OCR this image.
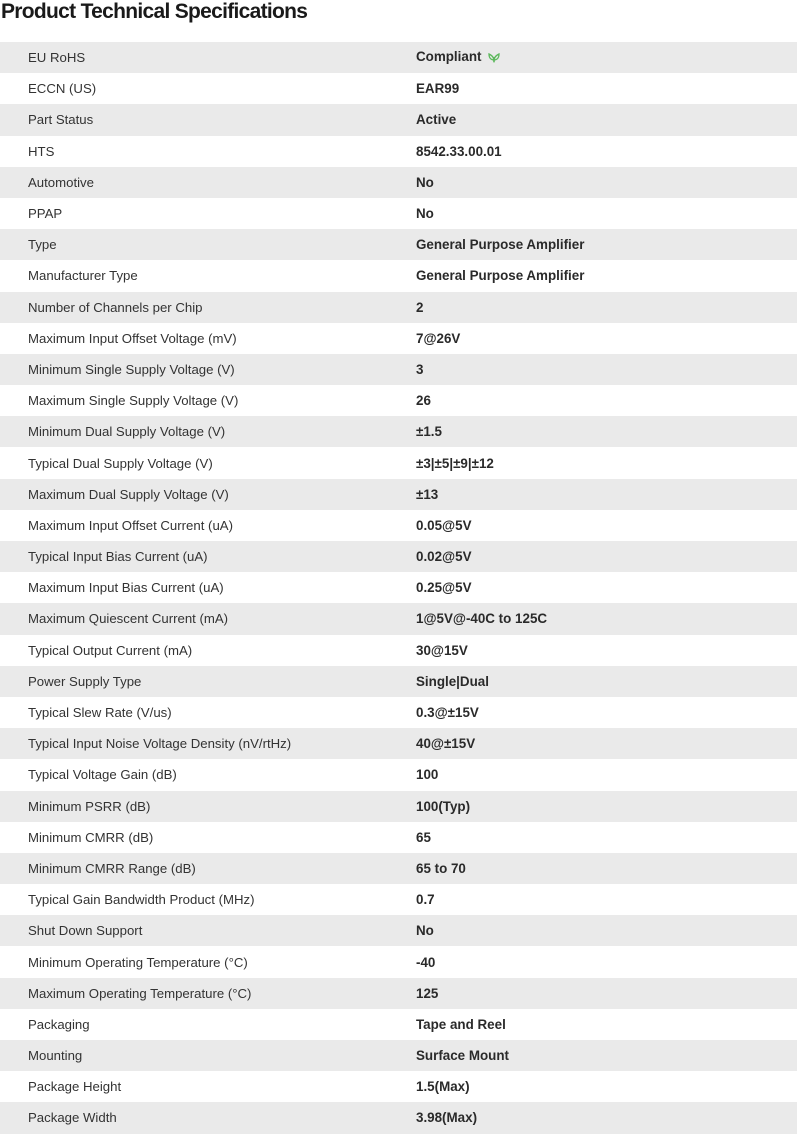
Product Technical Specifications
EU RoHS	Compliant
ECCN (US)	EAR99
Part Status	Active
HTS	8542.33.00.01
Automotive	No
PPAP	No
Type	General Purpose Amplifier
Manufacturer Type	General Purpose Amplifier
Number of Channels per Chip	2
Maximum Input Offset Voltage (mV)	7@26V
Minimum Single Supply Voltage (V)	3
Maximum Single Supply Voltage (V)	26
Minimum Dual Supply Voltage (V)	±1.5
Typical Dual Supply Voltage (V)	±3|±5|±9|±12
Maximum Dual Supply Voltage (V)	±13
Maximum Input Offset Current (uA)	0.05@5V
Typical Input Bias Current (uA)	0.02@5V
Maximum Input Bias Current (uA)	0.25@5V
Maximum Quiescent Current (mA)	1@5V@-40C to 125C
Typical Output Current (mA)	30@15V
Power Supply Type	Single|Dual
Typical Slew Rate (V/us)	0.3@±15V
Typical Input Noise Voltage Density (nV/rtHz)	40@±15V
Typical Voltage Gain (dB)	100
Minimum PSRR (dB)	100(Typ)
Minimum CMRR (dB)	65
Minimum CMRR Range (dB)	65 to 70
Typical Gain Bandwidth Product (MHz)	0.7
Shut Down Support	No
Minimum Operating Temperature (°C)	-40
Maximum Operating Temperature (°C)	125
Packaging	Tape and Reel
Mounting	Surface Mount
Package Height	1.5(Max)
Package Width	3.98(Max)
